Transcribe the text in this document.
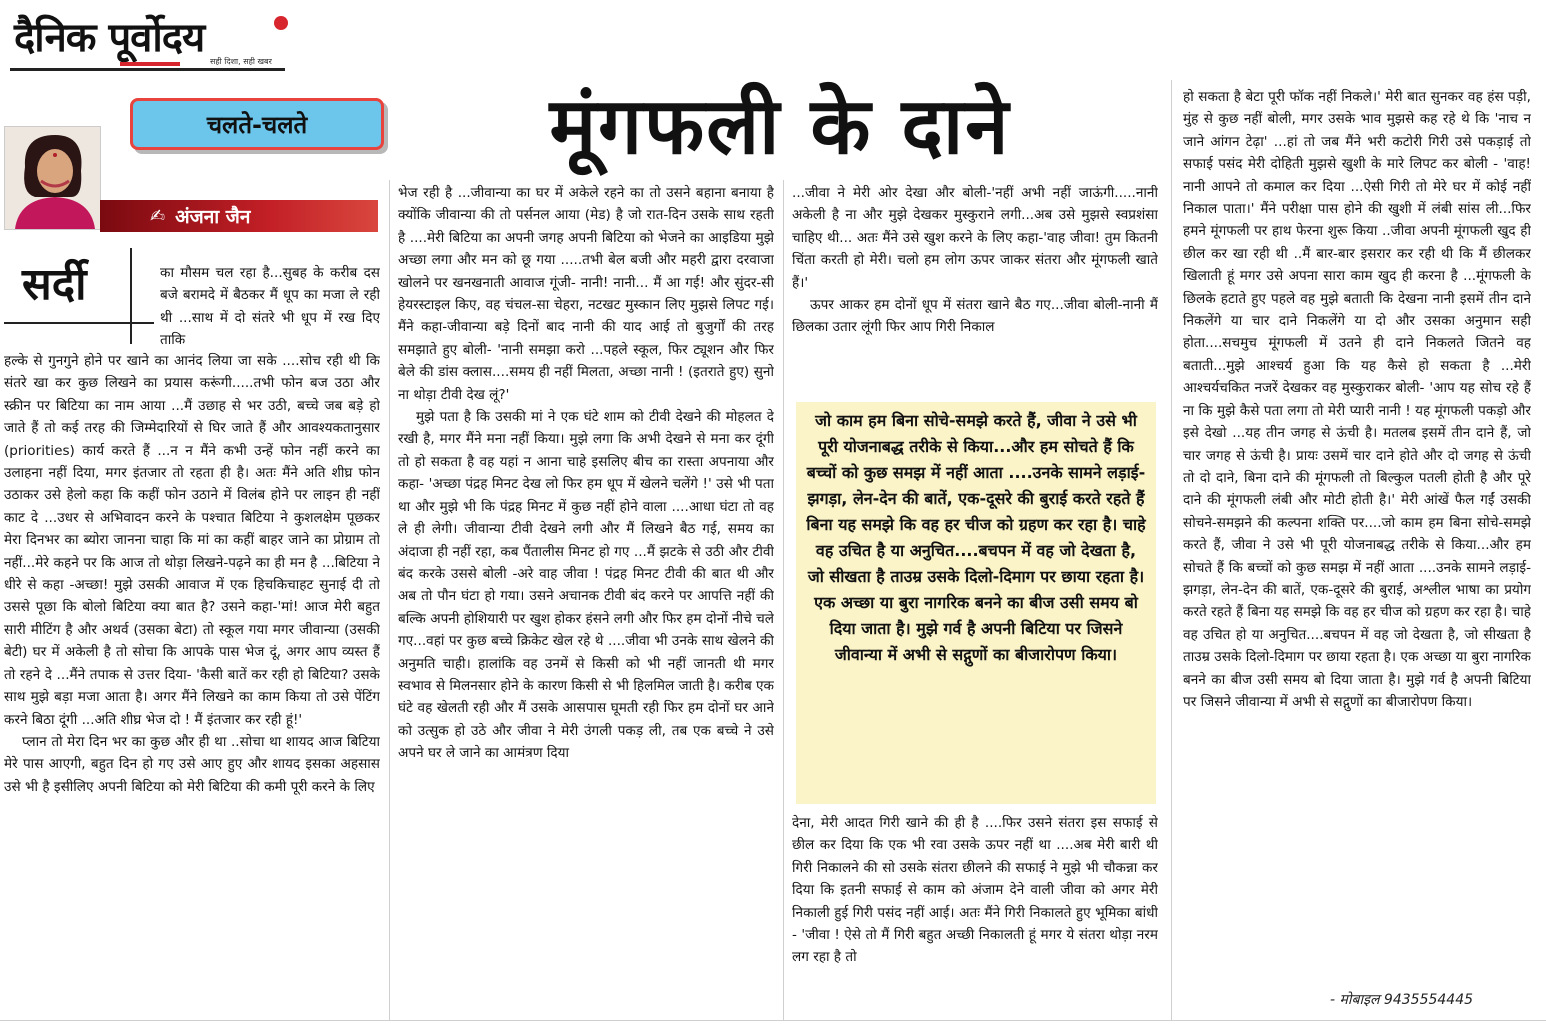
दैनिक पूर्वोदय
सही दिशा, सही खबर
चलते-चलते
✍ अंजना जैन
मूंगफली के दाने
सर्दी	का मौसम चल रहा है...सुबह के करीब दस बजे बरामदे में बैठकर मैं धूप का मजा ले रही थी ...साथ में दो संतरे भी धूप में रख दिए ताकि

हल्के से गुनगुने होने पर खाने का आनंद लिया जा सके ....सोच रही थी कि संतरे खा कर कुछ लिखने का प्रयास करूंगी.....तभी फोन बज उठा और स्क्रीन पर बिटिया का नाम आया ...मैं उछाह से भर उठी, बच्चे जब बड़े हो जाते हैं तो कई तरह की जिम्मेदारियों से घिर जाते हैं और आवश्यकतानुसार (priorities) कार्य करते हैं ...न न मैंने कभी उन्हें फोन नहीं करने का उलाहना नहीं दिया, मगर इंतजार तो रहता ही है। अतः मैंने अति शीघ्र फोन उठाकर उसे हेलो कहा कि कहीं फोन उठाने में विलंब होने पर लाइन ही नहीं काट दे ...उधर से अभिवादन करने के पश्चात बिटिया ने कुशलक्षेम पूछकर मेरा दिनभर का ब्योरा जानना चाहा कि मां का कहीं बाहर जाने का प्रोग्राम तो नहीं...मेरे कहने पर कि आज तो थोड़ा लिखने-पढ़ने का ही मन है ...बिटिया ने धीरे से कहा -अच्छा! मुझे उसकी आवाज में एक हिचकिचाहट सुनाई दी तो उससे पूछा कि बोलो बिटिया क्या बात है? उसने कहा-'मां! आज मेरी बहुत सारी मीटिंग है और अथर्व (उसका बेटा) तो स्कूल गया मगर जीवान्या (उसकी बेटी) घर में अकेली है तो सोचा कि आपके पास भेज दूं, अगर आप व्यस्त हैं तो रहने दे ...मैंने तपाक से उत्तर दिया- 'कैसी बातें कर रही हो बिटिया? उसके साथ मुझे बड़ा मजा आता है। अगर मैंने लिखने का काम किया तो उसे पेंटिंग करने बिठा दूंगी ...अति शीघ्र भेज दो ! मैं इंतजार कर रही हूं!'

प्लान तो मेरा दिन भर का कुछ और ही था ..सोचा था शायद आज बिटिया मेरे पास आएगी, बहुत दिन हो गए उसे आए हुए और शायद इसका अहसास उसे भी है इसीलिए अपनी बिटिया को मेरी बिटिया की कमी पूरी करने के लिए

भेज रही है ...जीवान्या का घर में अकेले रहने का तो उसने बहाना बनाया है क्योंकि जीवान्या की तो पर्सनल आया (मेड) है जो रात-दिन उसके साथ रहती है ....मेरी बिटिया का अपनी जगह अपनी बिटिया को भेजने का आइडिया मुझे अच्छा लगा और मन को छू गया .....तभी बेल बजी और महरी द्वारा दरवाजा खोलने पर खनखनाती आवाज गूंजी- नानी! नानी... मैं आ गई! और सुंदर-सी हेयरस्टाइल किए, वह चंचल-सा चेहरा, नटखट मुस्कान लिए मुझसे लिपट गई। मैंने कहा-जीवान्या बड़े दिनों बाद नानी की याद आई तो बुजुर्गों की तरह समझाते हुए बोली- 'नानी समझा करो ...पहले स्कूल, फिर ट्यूशन और फिर बेले की डांस क्लास....समय ही नहीं मिलता, अच्छा नानी ! (इतराते हुए) सुनो ना थोड़ा टीवी देख लूं?'

मुझे पता है कि उसकी मां ने एक घंटे शाम को टीवी देखने की मोहलत दे रखी है, मगर मैंने मना नहीं किया। मुझे लगा कि अभी देखने से मना कर दूंगी तो हो सकता है वह यहां न आना चाहे इसलिए बीच का रास्ता अपनाया और कहा- 'अच्छा पंद्रह मिनट देख लो फिर हम धूप में खेलने चलेंगे !' उसे भी पता था और मुझे भी कि पंद्रह मिनट में कुछ नहीं होने वाला ....आधा घंटा तो वह ले ही लेगी। जीवान्या टीवी देखने लगी और मैं लिखने बैठ गई, समय का अंदाजा ही नहीं रहा, कब पैंतालीस मिनट हो गए ...मैं झटके से उठी और टीवी बंद करके उससे बोली -अरे वाह जीवा ! पंद्रह मिनट टीवी की बात थी और अब तो पौन घंटा हो गया। उसने अचानक टीवी बंद करने पर आपत्ति नहीं की बल्कि अपनी होशियारी पर खुश होकर हंसने लगी और फिर हम दोनों नीचे चले गए...वहां पर कुछ बच्चे क्रिकेट खेल रहे थे ....जीवा भी उनके साथ खेलने की अनुमति चाही। हालांकि वह उनमें से किसी को भी नहीं जानती थी मगर स्वभाव से मिलनसार होने के कारण किसी से भी हिलमिल जाती है। करीब एक घंटे वह खेलती रही और मैं उसके आसपास घूमती रही फिर हम दोनों घर आने को उत्सुक हो उठे और जीवा ने मेरी उंगली पकड़ ली, तब एक बच्चे ने उसे अपने घर ले जाने का आमंत्रण दिया

...जीवा ने मेरी ओर देखा और बोली-'नहीं अभी नहीं जाऊंगी.....नानी अकेली है ना और मुझे देखकर मुस्कुराने लगी...अब उसे मुझसे स्वप्रशंसा चाहिए थी... अतः मैंने उसे खुश करने के लिए कहा-'वाह जीवा! तुम कितनी चिंता करती हो मेरी। चलो हम लोग ऊपर जाकर संतरा और मूंगफली खाते हैं।'

ऊपर आकर हम दोनों धूप में संतरा खाने बैठ गए...जीवा बोली-नानी मैं छिलका उतार लूंगी फिर आप गिरी निकाल

जो काम हम बिना सोचे-समझे करते हैं, जीवा ने उसे भी पूरी योजनाबद्ध तरीके से किया...और हम सोचते हैं कि बच्चों को कुछ समझ में नहीं आता ....उनके सामने लड़ाई-झगड़ा, लेन-देन की बातें, एक-दूसरे की बुराई करते रहते हैं बिना यह समझे कि वह हर चीज को ग्रहण कर रहा है। चाहे वह उचित है या अनुचित....बचपन में वह जो देखता है, जो सीखता है ताउम्र उसके दिलो-दिमाग पर छाया रहता है। एक अच्छा या बुरा नागरिक बनने का बीज उसी समय बो दिया जाता है। मुझे गर्व है अपनी बिटिया पर जिसने जीवान्या में अभी से सद्गुणों का बीजारोपण किया।

देना, मेरी आदत गिरी खाने की ही है ....फिर उसने संतरा इस सफाई से छील कर दिया कि एक भी रवा उसके ऊपर नहीं था ....अब मेरी बारी थी गिरी निकालने की सो उसके संतरा छीलने की सफाई ने मुझे भी चौकन्ना कर दिया कि इतनी सफाई से काम को अंजाम देने वाली जीवा को अगर मेरी निकाली हुई गिरी पसंद नहीं आई। अतः मैंने गिरी निकालते हुए भूमिका बांधी - 'जीवा ! ऐसे तो मैं गिरी बहुत अच्छी निकालती हूं मगर ये संतरा थोड़ा नरम लग रहा है तो

हो सकता है बेटा पूरी फॉक नहीं निकले।' मेरी बात सुनकर वह हंस पड़ी, मुंह से कुछ नहीं बोली, मगर उसके भाव मुझसे कह रहे थे कि 'नाच न जाने आंगन टेढ़ा' ...हां तो जब मैंने भरी कटोरी गिरी उसे पकड़ाई तो सफाई पसंद मेरी दोहिती मुझसे खुशी के मारे लिपट कर बोली - 'वाह! नानी आपने तो कमाल कर दिया ...ऐसी गिरी तो मेरे घर में कोई नहीं निकाल पाता।' मैंने परीक्षा पास होने की खुशी में लंबी सांस ली...फिर हमने मूंगफली पर हाथ फेरना शुरू किया ..जीवा अपनी मूंगफली खुद ही छील कर खा रही थी ..मैं बार-बार इसरार कर रही थी कि मैं छीलकर खिलाती हूं मगर उसे अपना सारा काम खुद ही करना है ...मूंगफली के छिलके हटाते हुए पहले वह मुझे बताती कि देखना नानी इसमें तीन दाने निकलेंगे या चार दाने निकलेंगे या दो और उसका अनुमान सही होता....सचमुच मूंगफली में उतने ही दाने निकलते जितने वह बताती...मुझे आश्चर्य हुआ कि यह कैसे हो सकता है ...मेरी आश्चर्यचकित नजरें देखकर वह मुस्कुराकर बोली- 'आप यह सोच रहे हैं ना कि मुझे कैसे पता लगा तो मेरी प्यारी नानी ! यह मूंगफली पकड़ो और इसे देखो ...यह तीन जगह से ऊंची है। मतलब इसमें तीन दाने हैं, जो चार जगह से ऊंची है। प्रायः उसमें चार दाने होते और दो जगह से ऊंची तो दो दाने, बिना दाने की मूंगफली तो बिल्कुल पतली होती है और पूरे दाने की मूंगफली लंबी और मोटी होती है।' मेरी आंखें फैल गईं उसकी सोचने-समझने की कल्पना शक्ति पर....जो काम हम बिना सोचे-समझे करते हैं, जीवा ने उसे भी पूरी योजनाबद्ध तरीके से किया...और हम सोचते हैं कि बच्चों को कुछ समझ में नहीं आता ....उनके सामने लड़ाई-झगड़ा, लेन-देन की बातें, एक-दूसरे की बुराई, अश्लील भाषा का प्रयोग करते रहते हैं बिना यह समझे कि वह हर चीज को ग्रहण कर रहा है। चाहे वह उचित हो या अनुचित....बचपन में वह जो देखता है, जो सीखता है ताउम्र उसके दिलो-दिमाग पर छाया रहता है। एक अच्छा या बुरा नागरिक बनने का बीज उसी समय बो दिया जाता है। मुझे गर्व है अपनी बिटिया पर जिसने जीवान्या में अभी से सद्गुणों का बीजारोपण किया।

- मोबाइल 9435554445
